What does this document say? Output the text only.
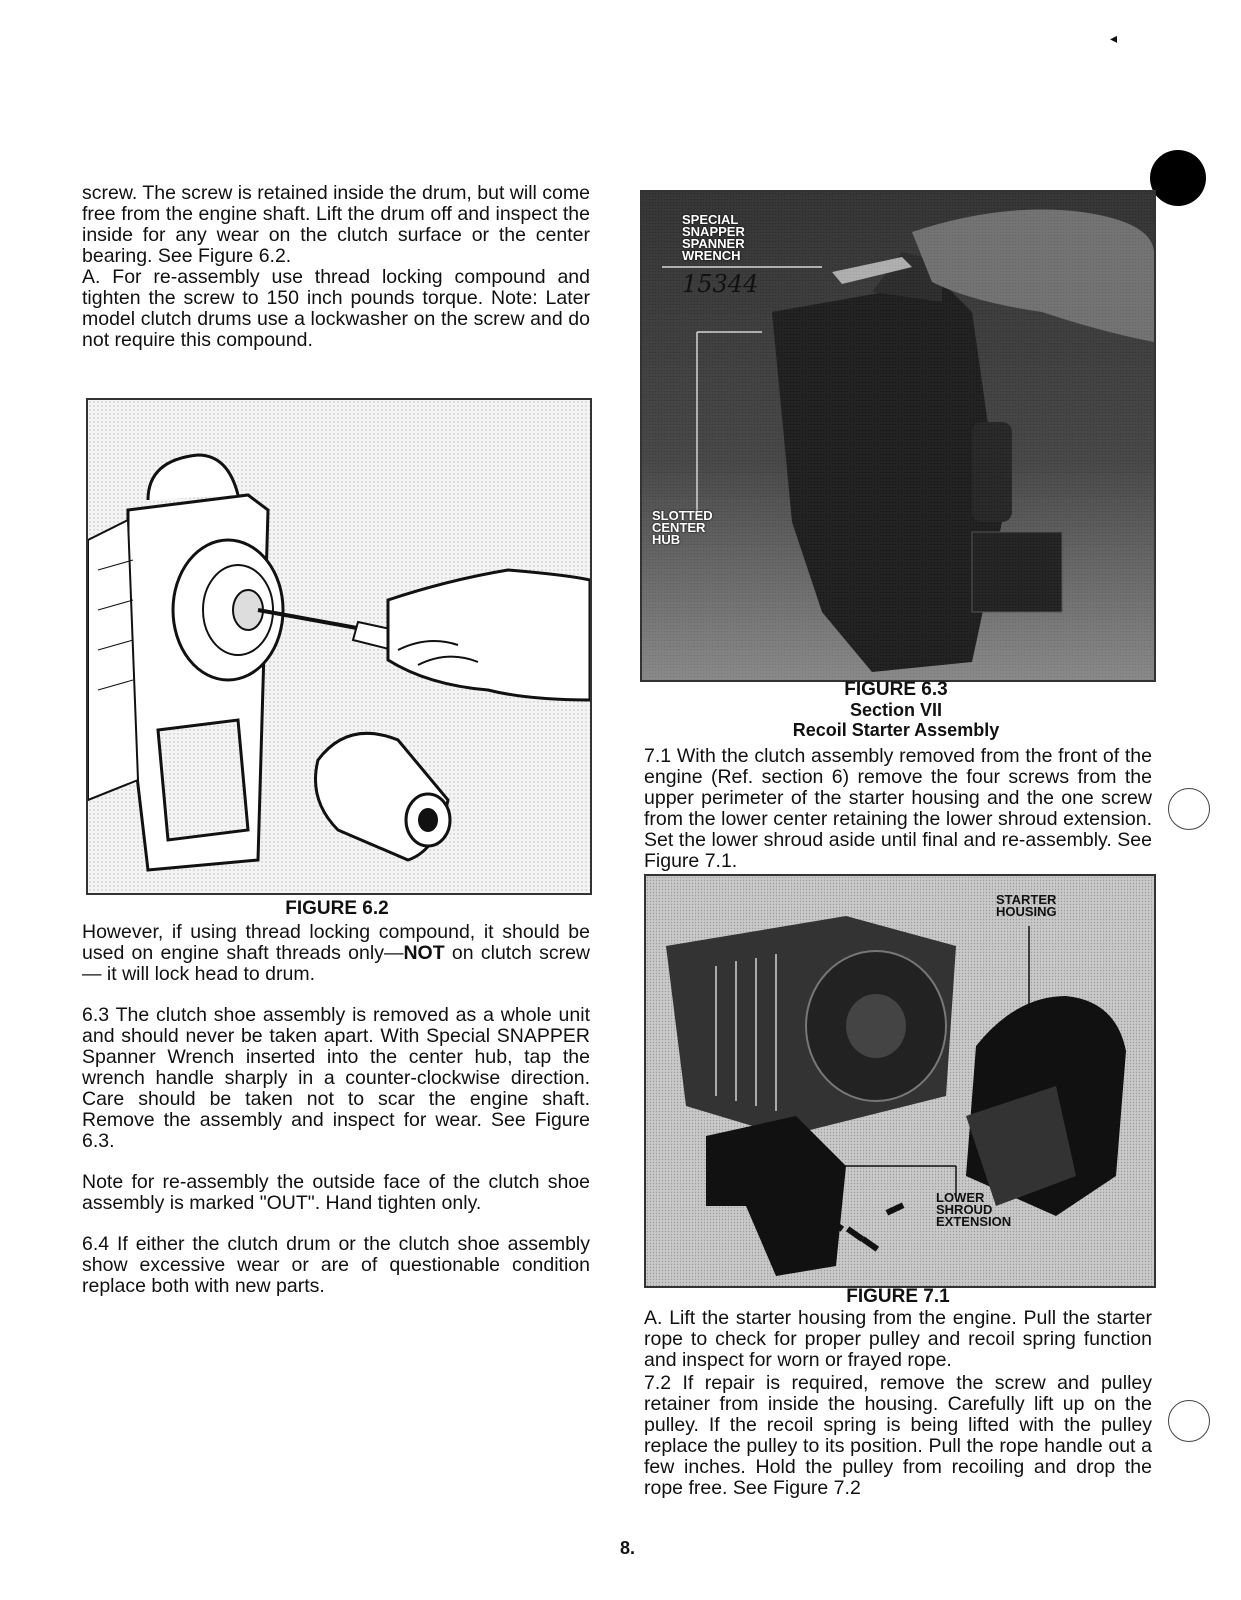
◂

screw. The screw is retained inside the drum, but will come free from the engine shaft. Lift the drum off and inspect the inside for any wear on the clutch surface or the center bearing. See Figure 6.2.

A. For re-assembly use thread locking compound and tighten the screw to 150 inch pounds torque. Note: Later model clutch drums use a lockwasher on the screw and do not require this compound.

FIGURE 6.2

However, if using thread locking compound, it should be used on engine shaft threads only—NOT on clutch screw— it will lock head to drum.

6.3 The clutch shoe assembly is removed as a whole unit and should never be taken apart. With Special SNAPPER Spanner Wrench inserted into the center hub, tap the wrench handle sharply in a counter-clockwise direction. Care should be taken not to scar the engine shaft. Remove the assembly and inspect for wear. See Figure 6.3.

Note for re-assembly the outside face of the clutch shoe assembly is marked "OUT". Hand tighten only.

6.4 If either the clutch drum or the clutch shoe assembly show excessive wear or are of questionable condition replace both with new parts.

SPECIAL SNAPPER SPANNER WRENCH
15344
SLOTTED CENTER HUB
FIGURE 6.3
Section VII
Recoil Starter Assembly

7.1 With the clutch assembly removed from the front of the engine (Ref. section 6) remove the four screws from the upper perimeter of the starter housing and the one screw from the lower center retaining the lower shroud extension. Set the lower shroud aside until final and re-assembly. See Figure 7.1.

STARTER HOUSING
LOWER SHROUD EXTENSION
FIGURE 7.1

A. Lift the starter housing from the engine. Pull the starter rope to check for proper pulley and recoil spring function and inspect for worn or frayed rope.

7.2 If repair is required, remove the screw and pulley retainer from inside the housing. Carefully lift up on the pulley. If the recoil spring is being lifted with the pulley replace the pulley to its position. Pull the rope handle out a few inches. Hold the pulley from recoiling and drop the rope free. See Figure 7.2

8.
